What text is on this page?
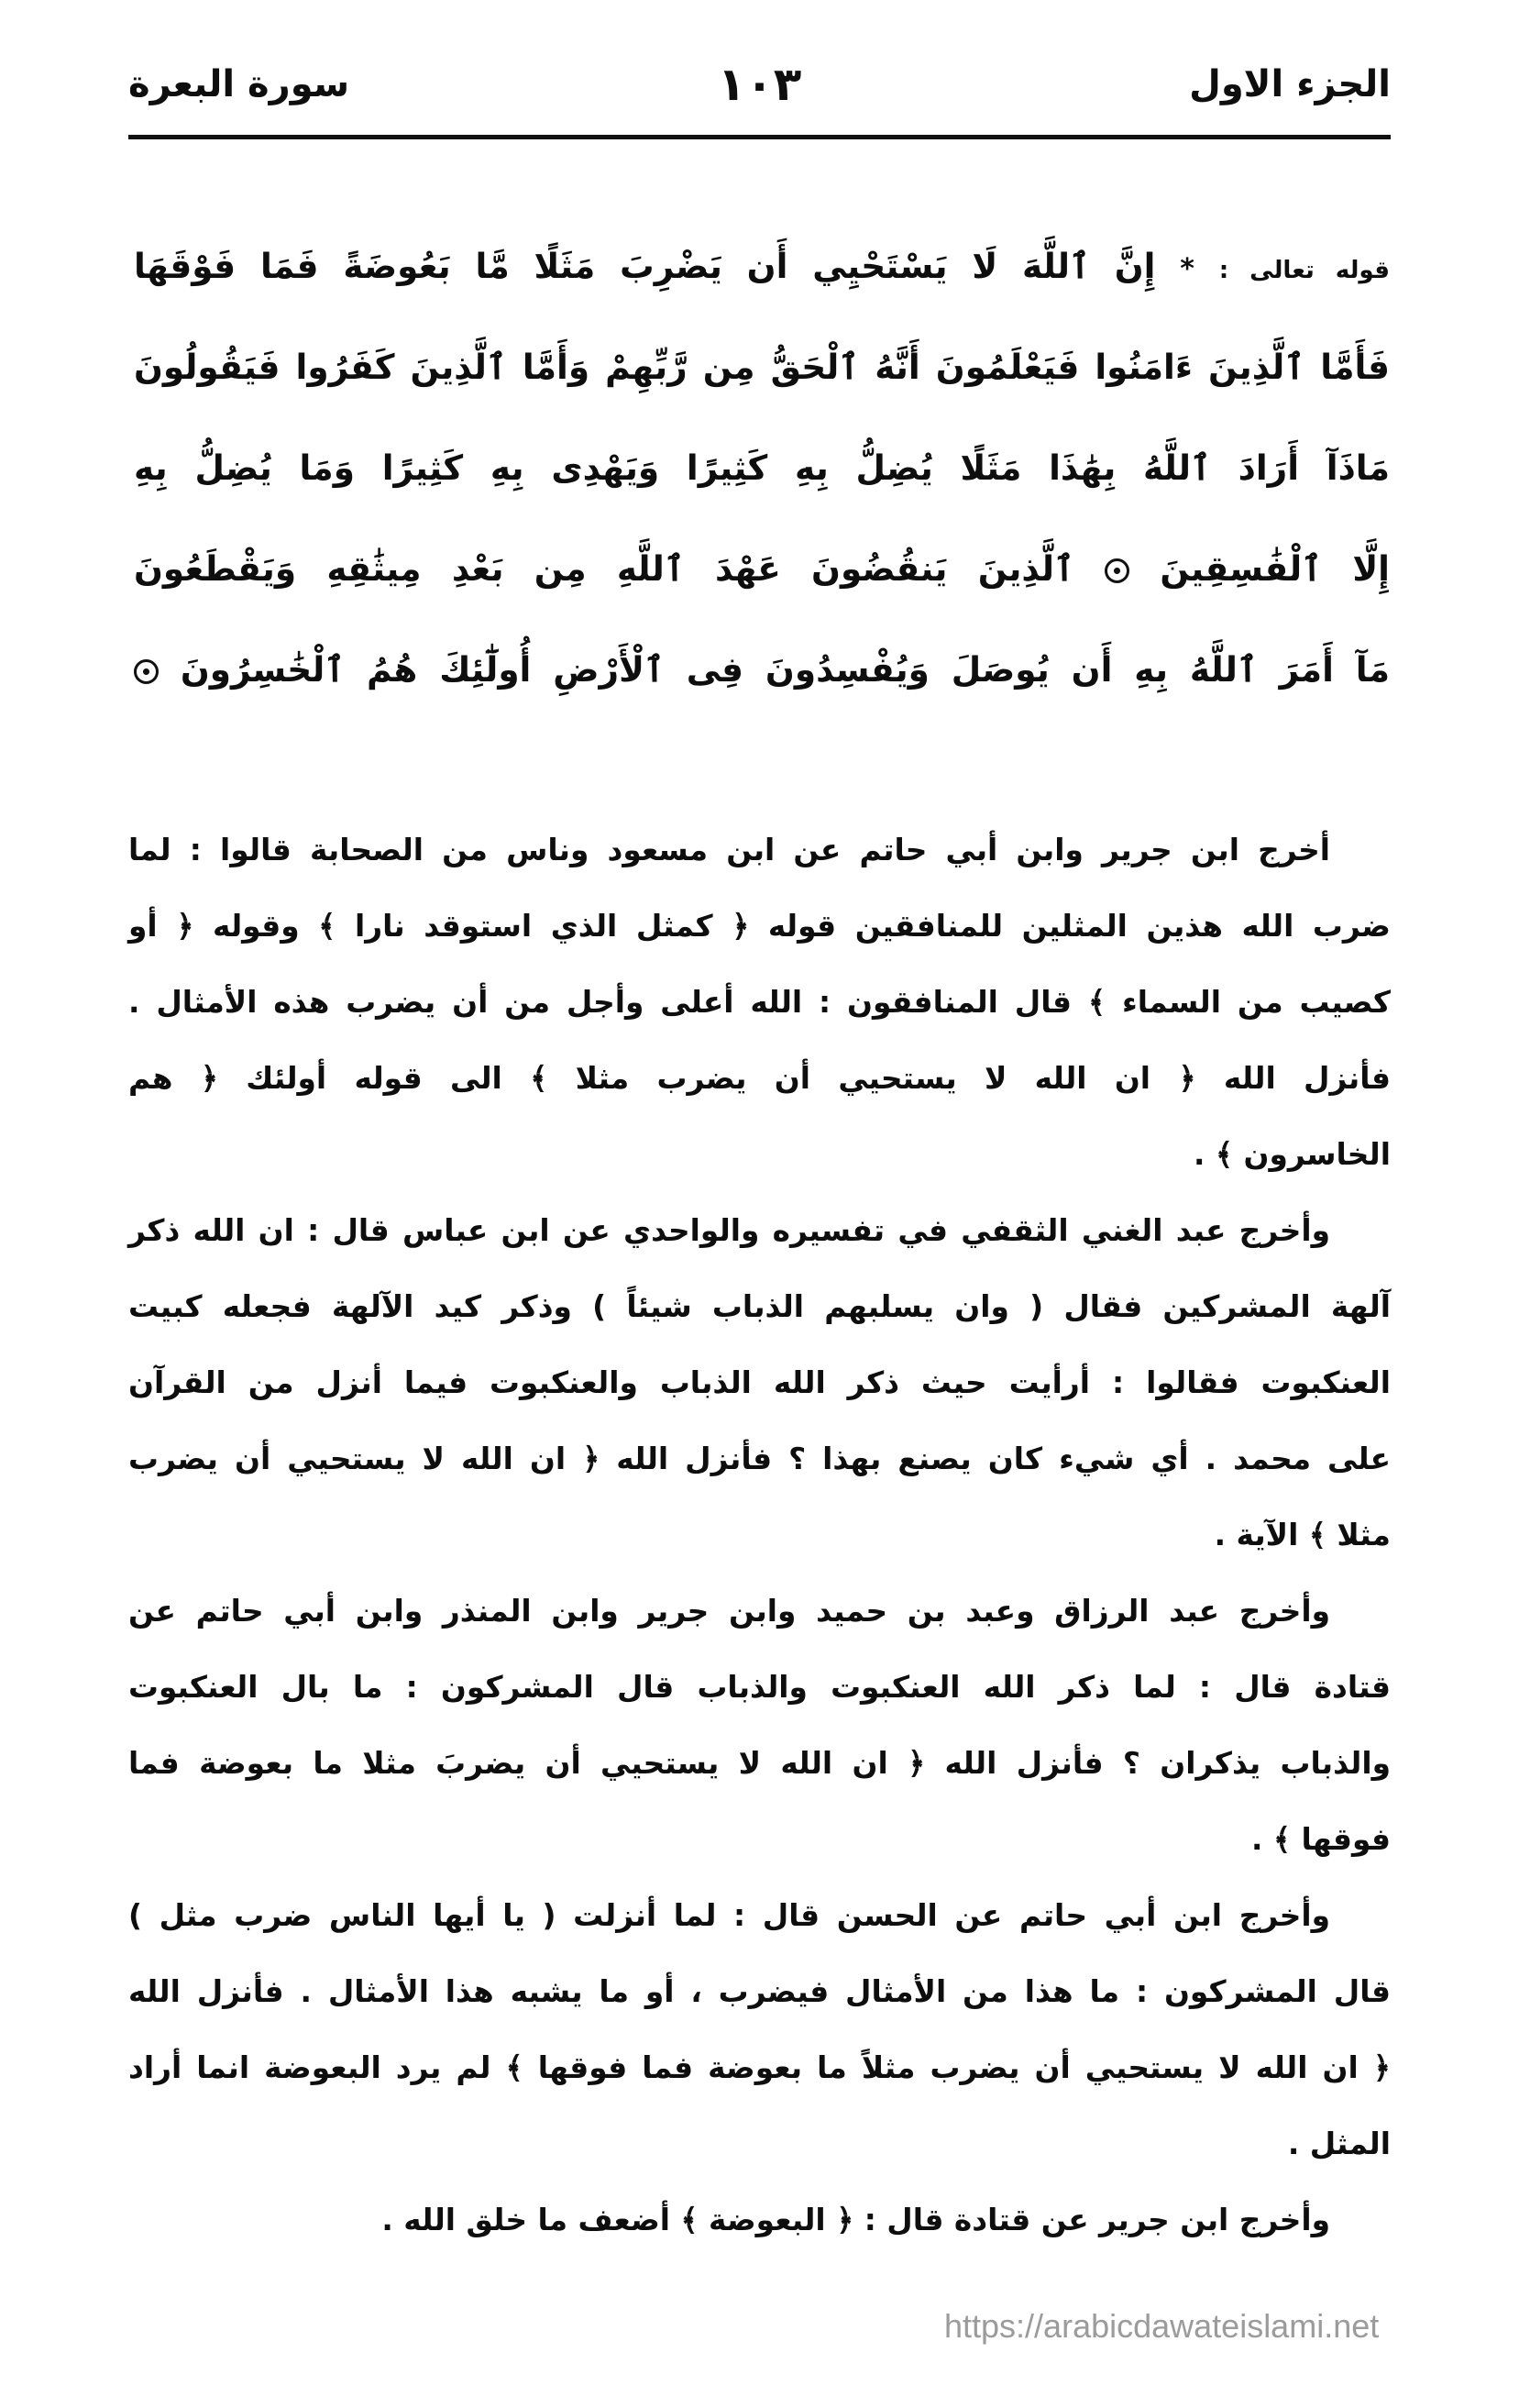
الجزء الاول
١٠٣
سورة البعرة
قوله تعالى : * إِنَّ ٱللَّهَ لَا يَسْتَحْيِي أَن يَضْرِبَ مَثَلًا مَّا بَعُوضَةً فَمَا فَوْقَهَا
فَأَمَّا ٱلَّذِينَ ءَامَنُوا فَيَعْلَمُونَ أَنَّهُ ٱلْحَقُّ مِن رَّبِّهِمْ وَأَمَّا ٱلَّذِينَ كَفَرُوا فَيَقُولُونَ
مَاذَآ أَرَادَ ٱللَّهُ بِهَٰذَا مَثَلًا يُضِلُّ بِهِ كَثِيرًا وَيَهْدِى بِهِ كَثِيرًا وَمَا يُضِلُّ بِهِ
إِلَّا ٱلْفَٰسِقِينَ  ٱلَّذِينَ يَنقُضُونَ عَهْدَ ٱللَّهِ مِن بَعْدِ مِيثَٰقِهِ وَيَقْطَعُونَ
مَآ أَمَرَ ٱللَّهُ بِهِ أَن يُوصَلَ وَيُفْسِدُونَ فِى ٱلْأَرْضِ أُولَٰٓئِكَ هُمُ ٱلْخَٰسِرُونَ
أخرج ابن جرير وابن أبي حاتم عن ابن مسعود وناس من الصحابة قالوا : لما
ضرب الله هذين المثلين للمنافقين قوله ﴿ كمثل الذي استوقد نارا ﴾ وقوله ﴿ أو
كصيب من السماء ﴾ قال المنافقون : الله أعلى وأجل من أن يضرب هذه الأمثال .
فأنزل الله ﴿ ان الله لا يستحيي أن يضرب مثلا ﴾ الى قوله أولئك ﴿ هم
الخاسرون ﴾ .
وأخرج عبد الغني الثقفي في تفسيره والواحدي عن ابن عباس قال : ان الله ذكر
آلهة المشركين فقال ( وان يسلبهم الذباب شيئاً ) وذكر كيد الآلهة فجعله كبيت
العنكبوت فقالوا : أرأيت حيث ذكر الله الذباب والعنكبوت فيما أنزل من القرآن
على محمد . أي شيء كان يصنع بهذا ؟ فأنزل الله ﴿ ان الله لا يستحيي أن يضرب
مثلا ﴾ الآية .
وأخرج عبد الرزاق وعبد بن حميد وابن جرير وابن المنذر وابن أبي حاتم عن
قتادة قال : لما ذكر الله العنكبوت والذباب قال المشركون : ما بال العنكبوت
والذباب يذكران ؟ فأنزل الله ﴿ ان الله لا يستحيي أن يضربَ مثلا ما بعوضة فما
فوقها ﴾ .
وأخرج ابن أبي حاتم عن الحسن قال : لما أنزلت ( يا أيها الناس ضرب مثل )
قال المشركون : ما هذا من الأمثال فيضرب ، أو ما يشبه هذا الأمثال . فأنزل الله
﴿ ان الله لا يستحيي أن يضرب مثلاً ما بعوضة فما فوقها ﴾ لم يرد البعوضة انما أراد
المثل .
وأخرج ابن جرير عن قتادة قال : ﴿ البعوضة ﴾ أضعف ما خلق الله .
https://arabicdawateislami.net
